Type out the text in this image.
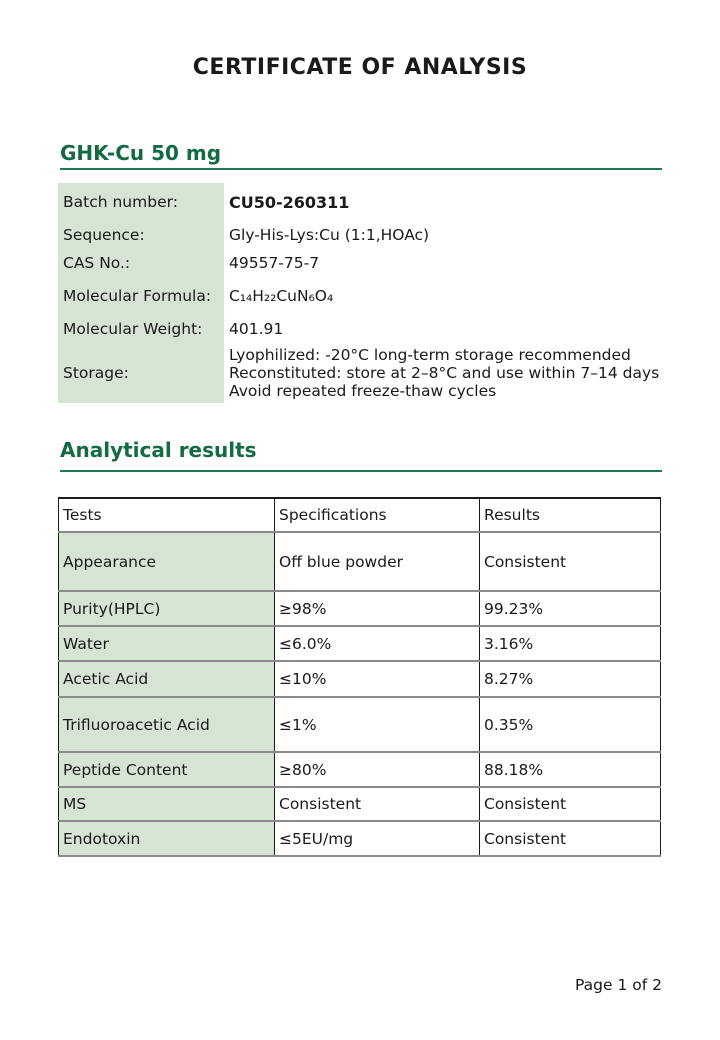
CERTIFICATE OF ANALYSIS
GHK-Cu 50 mg
Batch number:	CU50-260311
Sequence:	Gly-His-Lys:Cu (1:1,HOAc)
CAS No.:	49557-75-7
Molecular Formula:	C₁₄H₂₂CuN₆O₄
Molecular Weight:	401.91
Storage:	Lyophilized: -20°C long-term storage recommended
Reconstituted: store at 2–8°C and use within 7–14 days
Avoid repeated freeze-thaw cycles
Analytical results
Tests	Specifications	Results
Appearance	Off blue powder	Consistent
Purity(HPLC)	≥98%	99.23%
Water	≤6.0%	3.16%
Acetic Acid	≤10%	8.27%
Trifluoroacetic Acid	≤1%	0.35%
Peptide Content	≥80%	88.18%
MS	Consistent	Consistent
Endotoxin	≤5EU/mg	Consistent
Page 1 of 2
